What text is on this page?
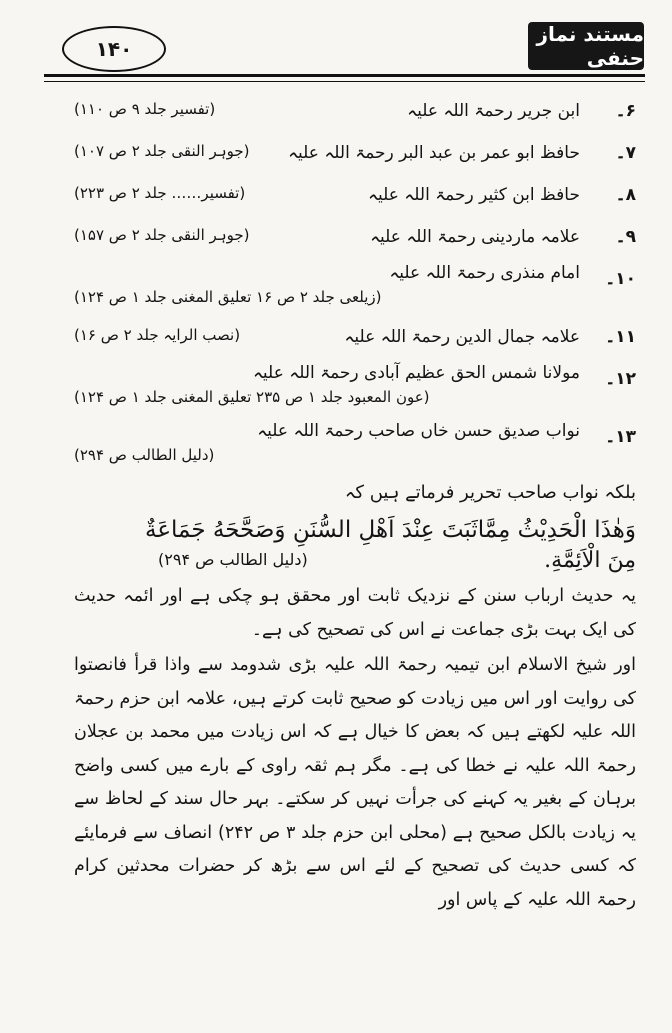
۱۴۰
مستند نماز حنفی
۶۔
ابن جریر رحمۃ اللہ علیہ
(تفسیر جلد ۹ ص ۱۱۰)
۷۔
حافظ ابو عمر بن عبد البر رحمۃ اللہ علیہ
(جوہر النقی جلد ۲ ص ۱۰۷)
۸۔
حافظ ابن کثیر رحمۃ اللہ علیہ
(تفسیر…… جلد ۲ ص ۲۲۳)
۹۔
علامہ ماردینی رحمۃ اللہ علیہ
(جوہر النقی جلد ۲ ص ۱۵۷)
۱۰۔
امام منذری رحمۃ اللہ علیہ
(زیلعی جلد ۲ ص ۱۶ تعلیق المغنی جلد ۱ ص ۱۲۴)
۱۱۔
علامہ جمال الدین رحمۃ اللہ علیہ
(نصب الرایہ جلد ۲ ص ۱۶)
۱۲۔
مولانا شمس الحق عظیم آبادی رحمۃ اللہ علیہ
(عون المعبود جلد ۱ ص ۲۳۵ تعلیق المغنی جلد ۱ ص ۱۲۴)
۱۳۔
نواب صدیق حسن خاں صاحب رحمۃ اللہ علیہ
(دلیل الطالب ص ۲۹۴)
بلکہ نواب صاحب تحریر فرماتے ہیں کہ
وَهٰذَا الْحَدِيْثُ مِمَّاثَبَتَ عِنْدَ اَهْلِ السُّنَنِ وَصَحَّحَهُ جَمَاعَةٌ
مِنَ الْاَئِمَّةِ.
(دلیل الطالب ص ۲۹۴)
یہ حدیث ارباب سنن کے نزدیک ثابت اور محقق ہو چکی ہے اور ائمہ حدیث کی ایک بہت بڑی جماعت نے اس کی تصحیح کی ہے۔
اور شیخ الاسلام ابن تیمیہ رحمۃ اللہ علیہ بڑی شدومد سے واذا قرأ فانصتوا کی روایت اور اس میں زیادت کو صحیح ثابت کرتے ہیں، علامہ ابن حزم رحمۃ اللہ علیہ لکھتے ہیں کہ بعض کا خیال ہے کہ اس زیادت میں محمد بن عجلان رحمۃ اللہ علیہ نے خطا کی ہے۔ مگر ہم ثقہ راوی کے بارے میں کسی واضح برہان کے بغیر یہ کہنے کی جرأت نہیں کر سکتے۔ بہر حال سند کے لحاظ سے یہ زیادت بالکل صحیح ہے (محلی ابن حزم جلد ۳ ص ۲۴۲) انصاف سے فرمایئے کہ کسی حدیث کی تصحیح کے لئے اس سے بڑھ کر حضرات محدثین کرام رحمۃ اللہ علیہ کے پاس اور
